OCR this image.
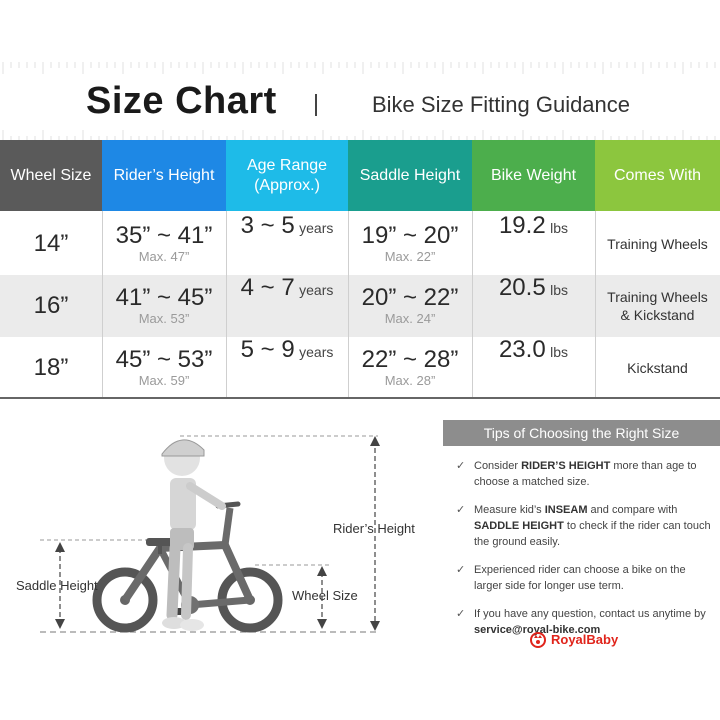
Size Chart	Bike Size Fitting Guidance
Wheel Size Rider’s Height
Age Range
(Approx.)
Saddle Height Bike Weight Comes With
14” 35” ~ 41”
Max. 47”
3 ~ 5
years 19” ~ 20”
Max. 22”
19.2
lbs
Training Wheels
16” 41” ~ 45”
Max. 53”
4 ~ 7
years 20” ~ 22”
Max. 24”
20.5
lbs	Training Wheels
& Kickstand
18” 45” ~ 53”
Max. 59”
5 ~ 9
years 22” ~ 28”
Max. 28”
23.0
lbs
Kickstand
Rider’s Height
Saddle Height
Wheel Size
Tips of Choosing the Right Size
✓ Consider RIDER’S HEIGHT more than age to choose a matched size.
✓ Measure kid’s INSEAM and compare with SADDLE HEIGHT to check if the rider can touch the ground easily.
✓ Experienced rider can choose a bike on the larger side for longer use term.
✓ If you have any question, contact us anytime by service@royal-bike.com
RoyalBaby
